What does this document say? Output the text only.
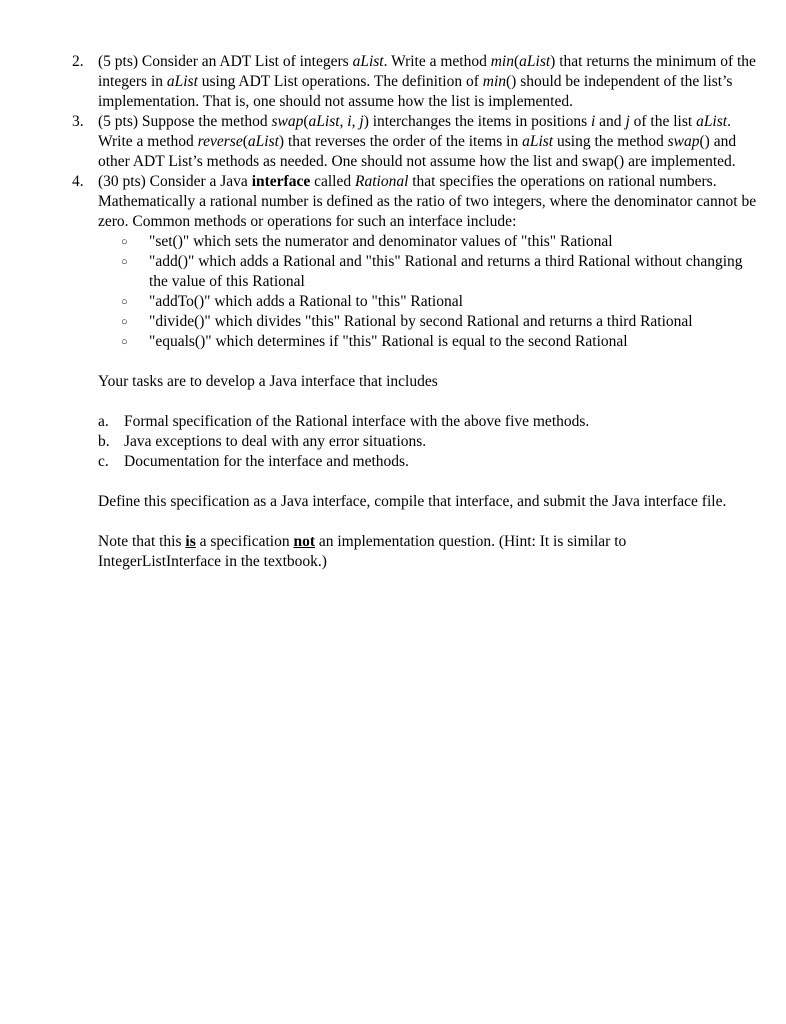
2. (5 pts) Consider an ADT List of integers aList. Write a method min(aList) that returns the minimum of the integers in aList using ADT List operations. The definition of min() should be independent of the list’s implementation. That is, one should not assume how the list is implemented.
3. (5 pts) Suppose the method swap(aList, i, j) interchanges the items in positions i and j of the list aList. Write a method reverse(aList) that reverses the order of the items in aList using the method swap() and other ADT List’s methods as needed. One should not assume how the list and swap() are implemented.
4. (30 pts) Consider a Java interface called Rational that specifies the operations on rational numbers. Mathematically a rational number is defined as the ratio of two integers, where the denominator cannot be zero. Common methods or operations for such an interface include:
○ "set()" which sets the numerator and denominator values of "this" Rational
○ "add()" which adds a Rational and "this" Rational and returns a third Rational without changing the value of this Rational
○ "addTo()" which adds a Rational to "this" Rational
○ "divide()" which divides "this" Rational by second Rational and returns a third Rational
○ "equals()" which determines if "this" Rational is equal to the second Rational
Your tasks are to develop a Java interface that includes
a. Formal specification of the Rational interface with the above five methods.
b. Java exceptions to deal with any error situations.
c. Documentation for the interface and methods.
Define this specification as a Java interface, compile that interface, and submit the Java interface file.
Note that this is a specification not an implementation question. (Hint: It is similar to IntegerListInterface in the textbook.)
